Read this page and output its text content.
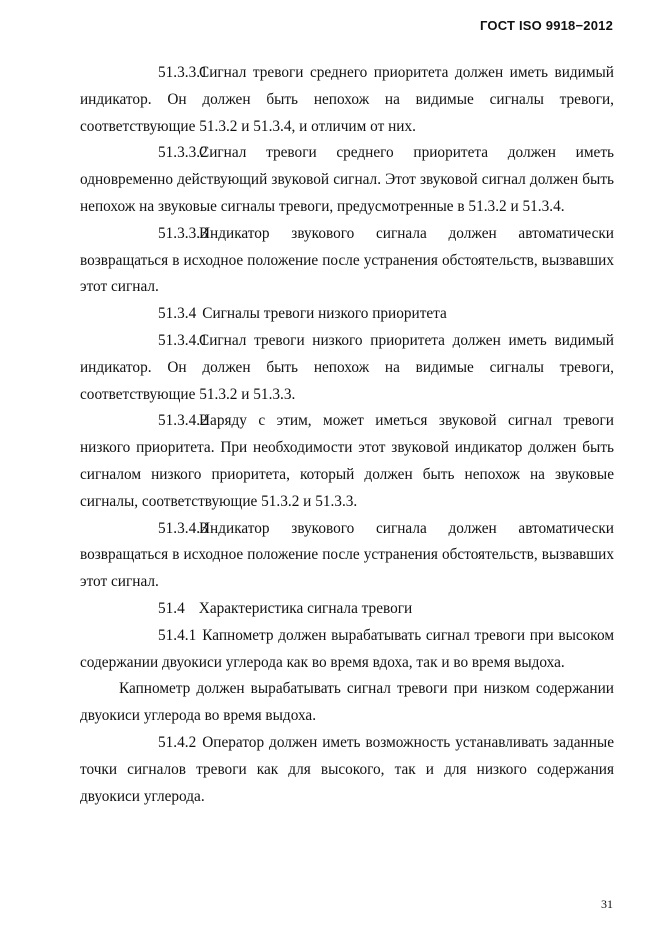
ГОСТ ISO 9918−2012

51.3.3.1Сигнал тревоги среднего приоритета должен иметь видимый индикатор. Он должен быть непохож на видимые сигналы тревоги, соответствующие 51.3.2 и 51.3.4, и отличим от них.

51.3.3.2Сигнал тревоги среднего приоритета должен иметь одновременно действующий звуковой сигнал. Этот звуковой сигнал должен быть непохож на звуковые сигналы тревоги, предусмотренные в 51.3.2 и 51.3.4.

51.3.3.3Индикатор звукового сигнала должен автоматически возвращаться в исходное положение после устранения обстоятельств, вызвавших этот сигнал.

51.3.4 Сигналы тревоги низкого приоритета

51.3.4.1Сигнал тревоги низкого приоритета должен иметь видимый индикатор. Он должен быть непохож на видимые сигналы тревоги, соответствующие 51.3.2 и 51.3.3.

51.3.4.2Наряду с этим, может иметься звуковой сигнал тревоги низкого приоритета. При необходимости этот звуковой индикатор должен быть сигналом низкого приоритета, который должен быть непохож на звуковые сигналы, соответствующие 51.3.2 и 51.3.3.

51.3.4.3Индикатор звукового сигнала должен автоматически возвращаться в исходное положение после устранения обстоятельств, вызвавших этот сигнал.

51.4 Характеристика сигнала тревоги

51.4.1 Капнометр должен вырабатывать сигнал тревоги при высоком содержании двуокиси углерода как во время вдоха, так и во время выдоха.

Капнометр должен вырабатывать сигнал тревоги при низком содержании двуокиси углерода во время выдоха.

51.4.2 Оператор должен иметь возможность устанавливать заданные точки сигналов тревоги как для высокого, так и для низкого содержания двуокиси углерода.

31
